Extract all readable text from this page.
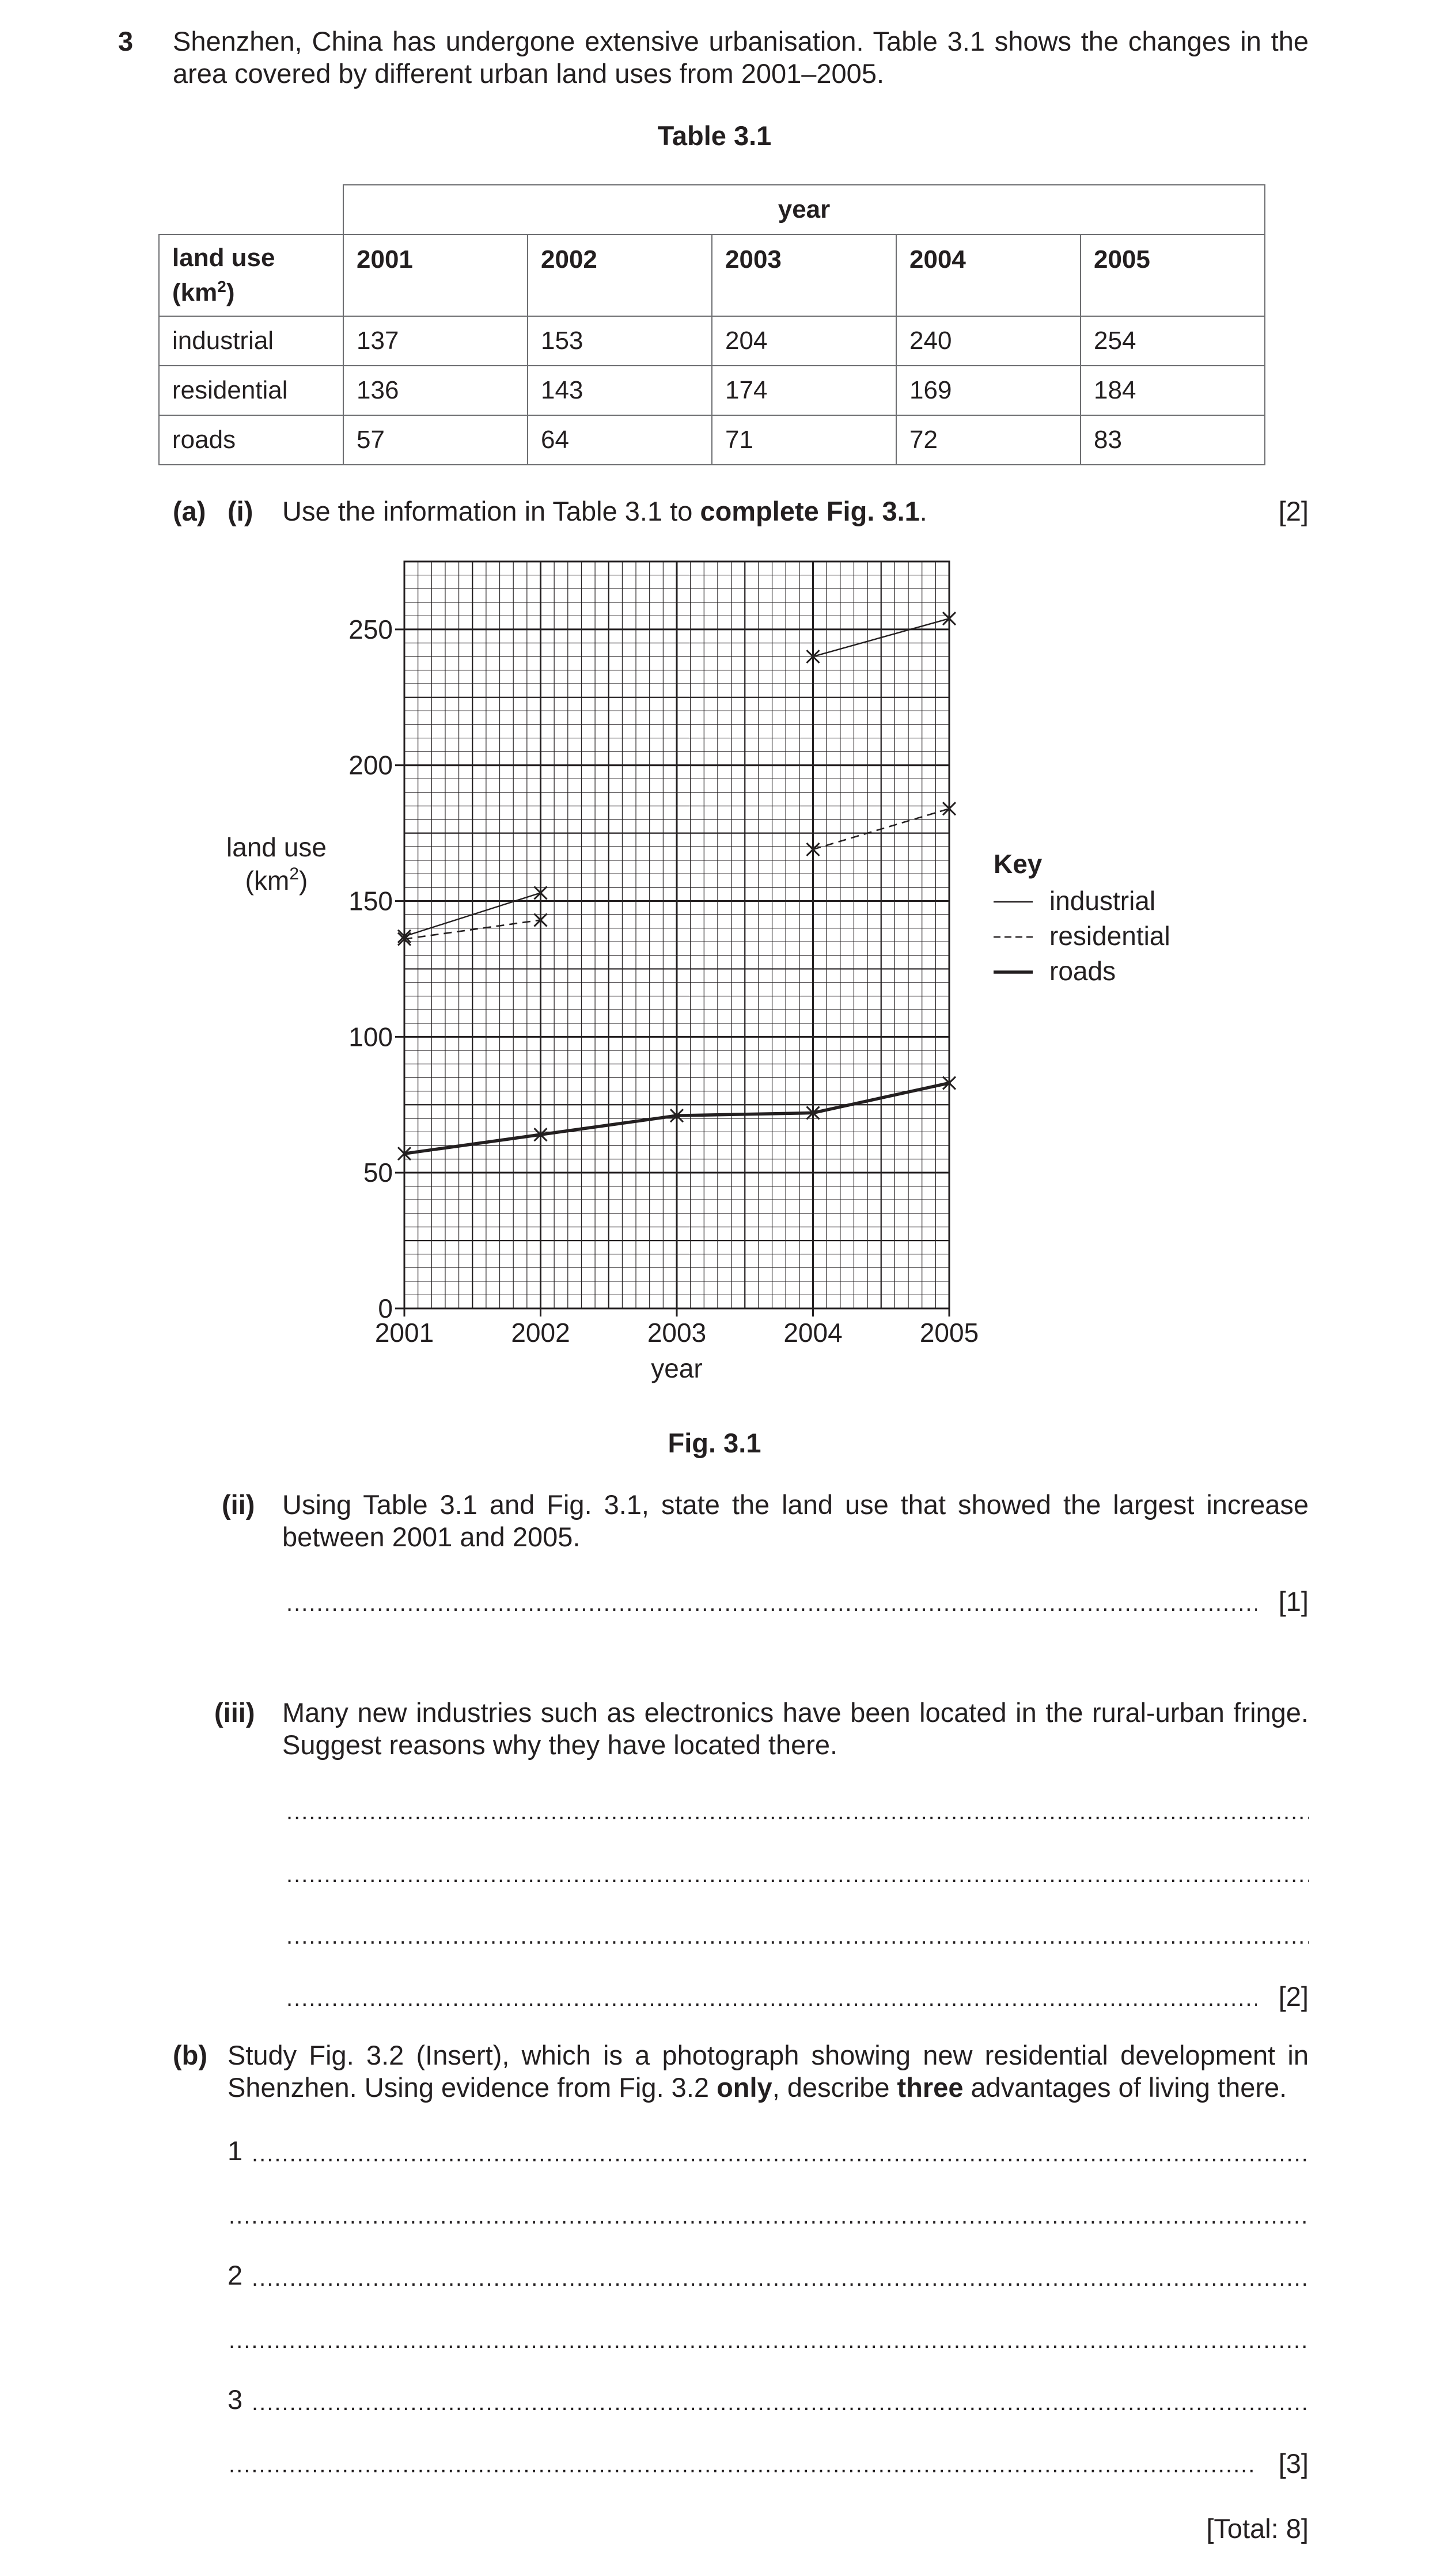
3 Shenzhen, China has undergone extensive urbanisation. Table 3.1 shows the changes in the area covered by different urban land uses from 2001–2005.
Table 3.1
	year				
land use
$(km^2)$	2001	2002	2003	2004	2005
industrial	137	153	204	240	254
residential	136	143	174	169	184
roads	57	64	71	72	83
(a) (i) Use the information in Table 3.1 to complete Fig. 3.1.	[2]
0
50
100
150
200
250
2001	2002	2003	2004	2005
year
land use
$(km^2)$
Key
industrial
residential
roads
Fig. 3.1
(ii) Using Table 3.1 and Fig. 3.1, state the land use that showed the largest increase between 2001 and 2005.
.....
[1]
(iii) Many new industries such as electronics have been located in the rural-urban fringe. Suggest reasons why they have located there.
.....
.....
.....
.....
[2]
(b) Study Fig. 3.2 (Insert), which is a photograph showing new residential development in Shenzhen. Using evidence from Fig. 3.2 only, describe three advantages of living there.
1
.....
.....
2
.....
.....
3
.....
.....
[3]
[Total: 8]
